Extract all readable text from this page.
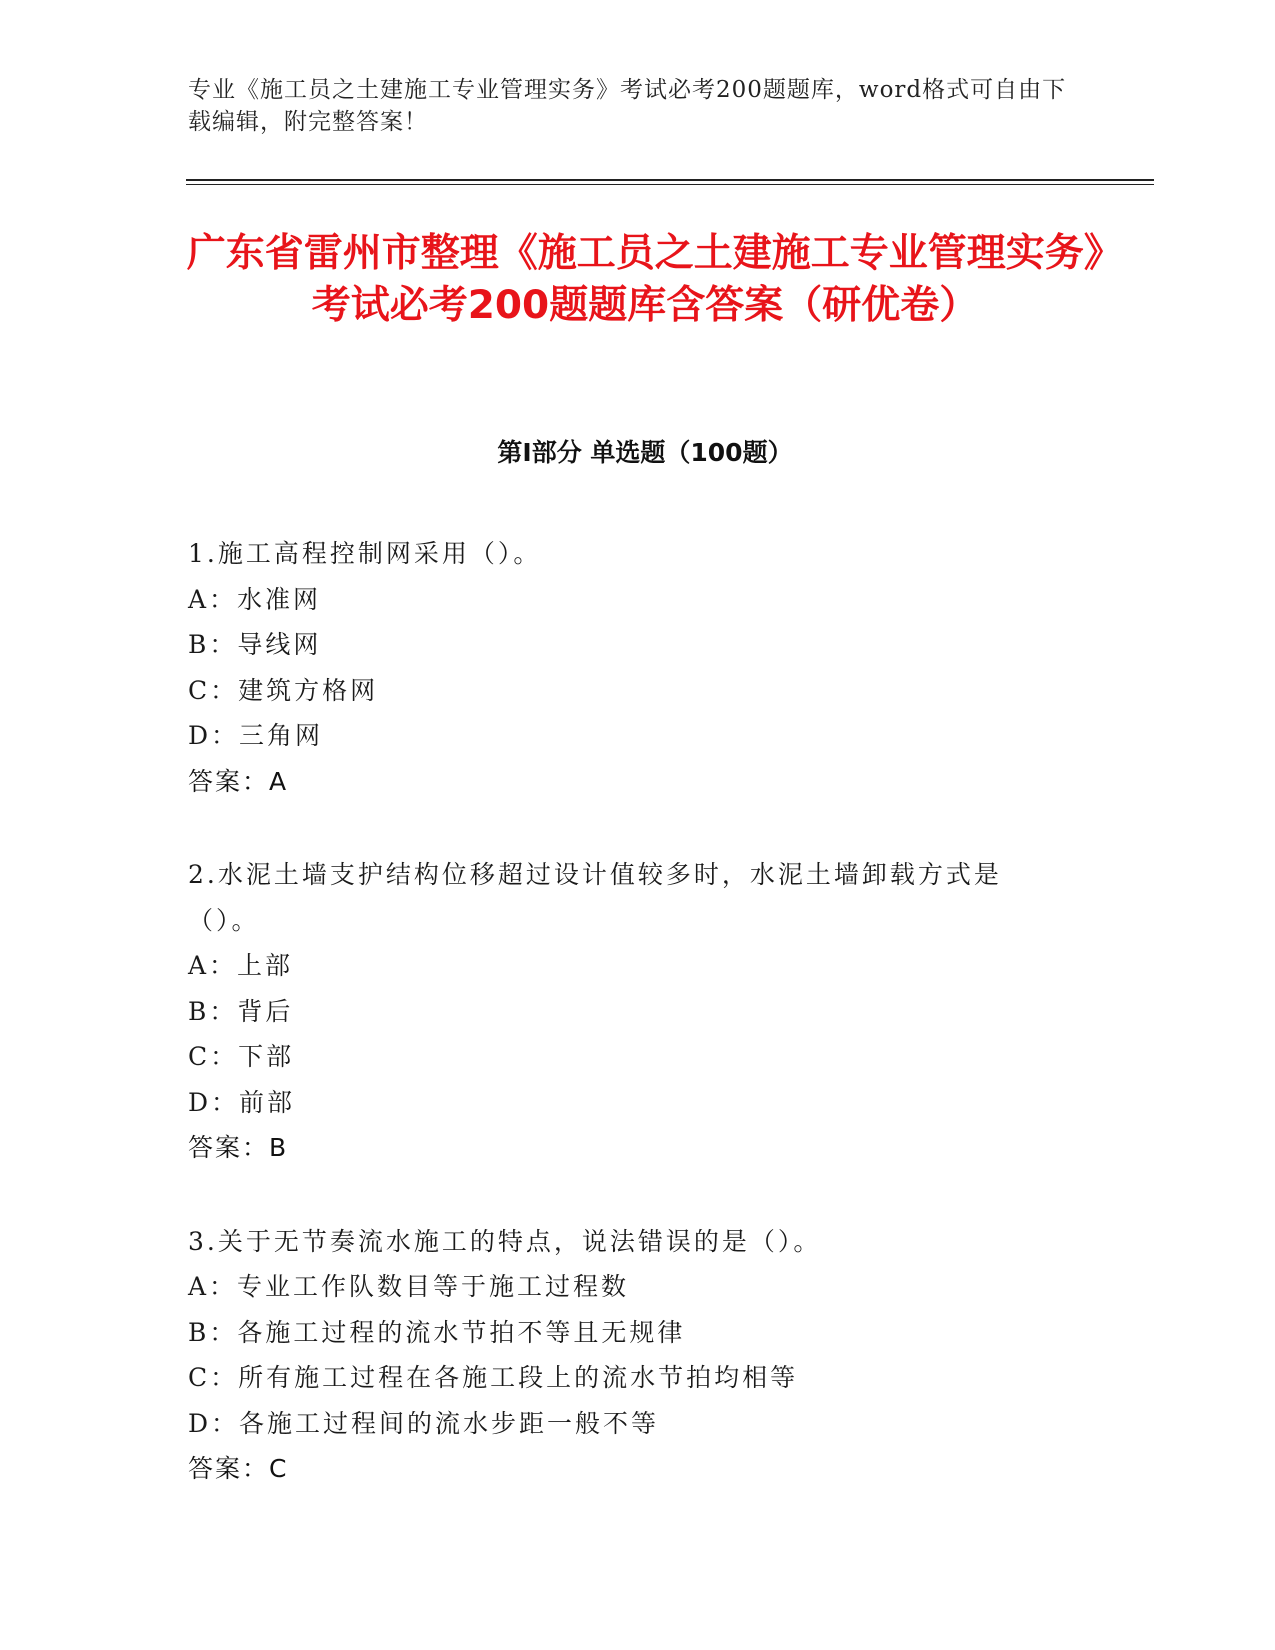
专业《施工员之土建施工专业管理实务》考试必考200题题库，word格式可自由下载编辑，附完整答案！
广东省雷州市整理《施工员之土建施工专业管理实务》考试必考200题题库含答案（研优卷）
第Ⅰ部分 单选题（100题）
1.施工高程控制网采用（）。
A：水准网
B：导线网
C：建筑方格网
D：三角网
答案：A
2.水泥土墙支护结构位移超过设计值较多时，水泥土墙卸载方式是（）。
A：上部
B：背后
C：下部
D：前部
答案：B
3.关于无节奏流水施工的特点，说法错误的是（）。
A：专业工作队数目等于施工过程数
B：各施工过程的流水节拍不等且无规律
C：所有施工过程在各施工段上的流水节拍均相等
D：各施工过程间的流水步距一般不等
答案：C
